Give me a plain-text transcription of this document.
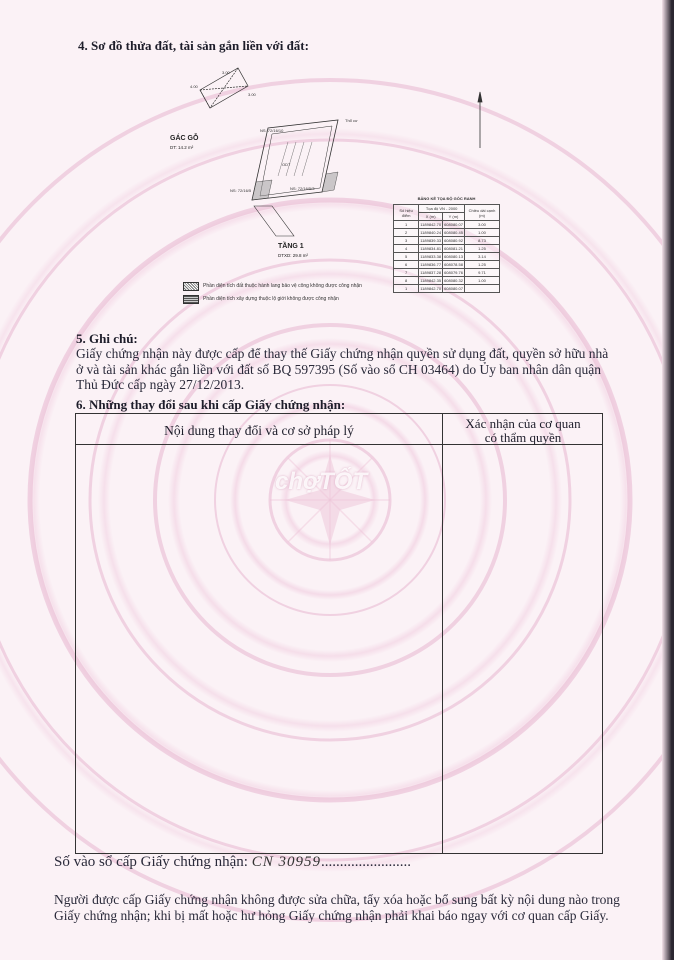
4. Sơ đồ thửa đất, tài sản gắn liền với đất:
4.00
3.00
3.00
GÁC GỖ
DT: 14.2 m²
NS: 72/16/10
NS: 72/16/5	NS: 72/16/5/3
Thổ cư
ODT
TẦNG 1
DTXD: 29.8 m²
Phần diện tích đất thuộc hành lang bảo vệ công không được công nhận
Phần diện tích xây dựng thuộc lộ giới không được công nhận
BẢNG KÊ TỌA ĐỘ GÓC RANH
Số hiệu điểm	Tọa độ VN - 2000		Chiều dài cạnh (m)
	X (m)	Y (m)	
1	1189842.70	608080.07	3.00
2	1189840.24	608080.45	1.00
3	1189839.33	608080.92	8.73
4	1189834.81	608081.21	1.25
5	1189833.38	608080.13	3.14
6	1189836.77	608078.58	1.25
7	1189837.28	608079.76	9.71
8	1189842.35	608080.32	1.00
1	1189842.70	608080.07	
5. Ghi chú:
Giấy chứng nhận này được cấp để thay thế Giấy chứng nhận quyền sử dụng đất, quyền sở hữu nhà ở và tài sản khác gắn liền với đất số BQ 597395 (Số vào sổ CH 03464) do Ủy ban nhân dân quận Thủ Đức cấp ngày 27/12/2013.
6. Những thay đổi sau khi cấp Giấy chứng nhận:
Nội dung thay đổi và cơ sở pháp lý	Xác nhận của cơ quan
có thẩm quyền
chợTỐT
Số vào sổ cấp Giấy chứng nhận: CN 30959........................
Người được cấp Giấy chứng nhận không được sửa chữa, tẩy xóa hoặc bổ sung bất kỳ nội dung nào trong Giấy chứng nhận; khi bị mất hoặc hư hỏng Giấy chứng nhận phải khai báo ngay với cơ quan cấp Giấy.
